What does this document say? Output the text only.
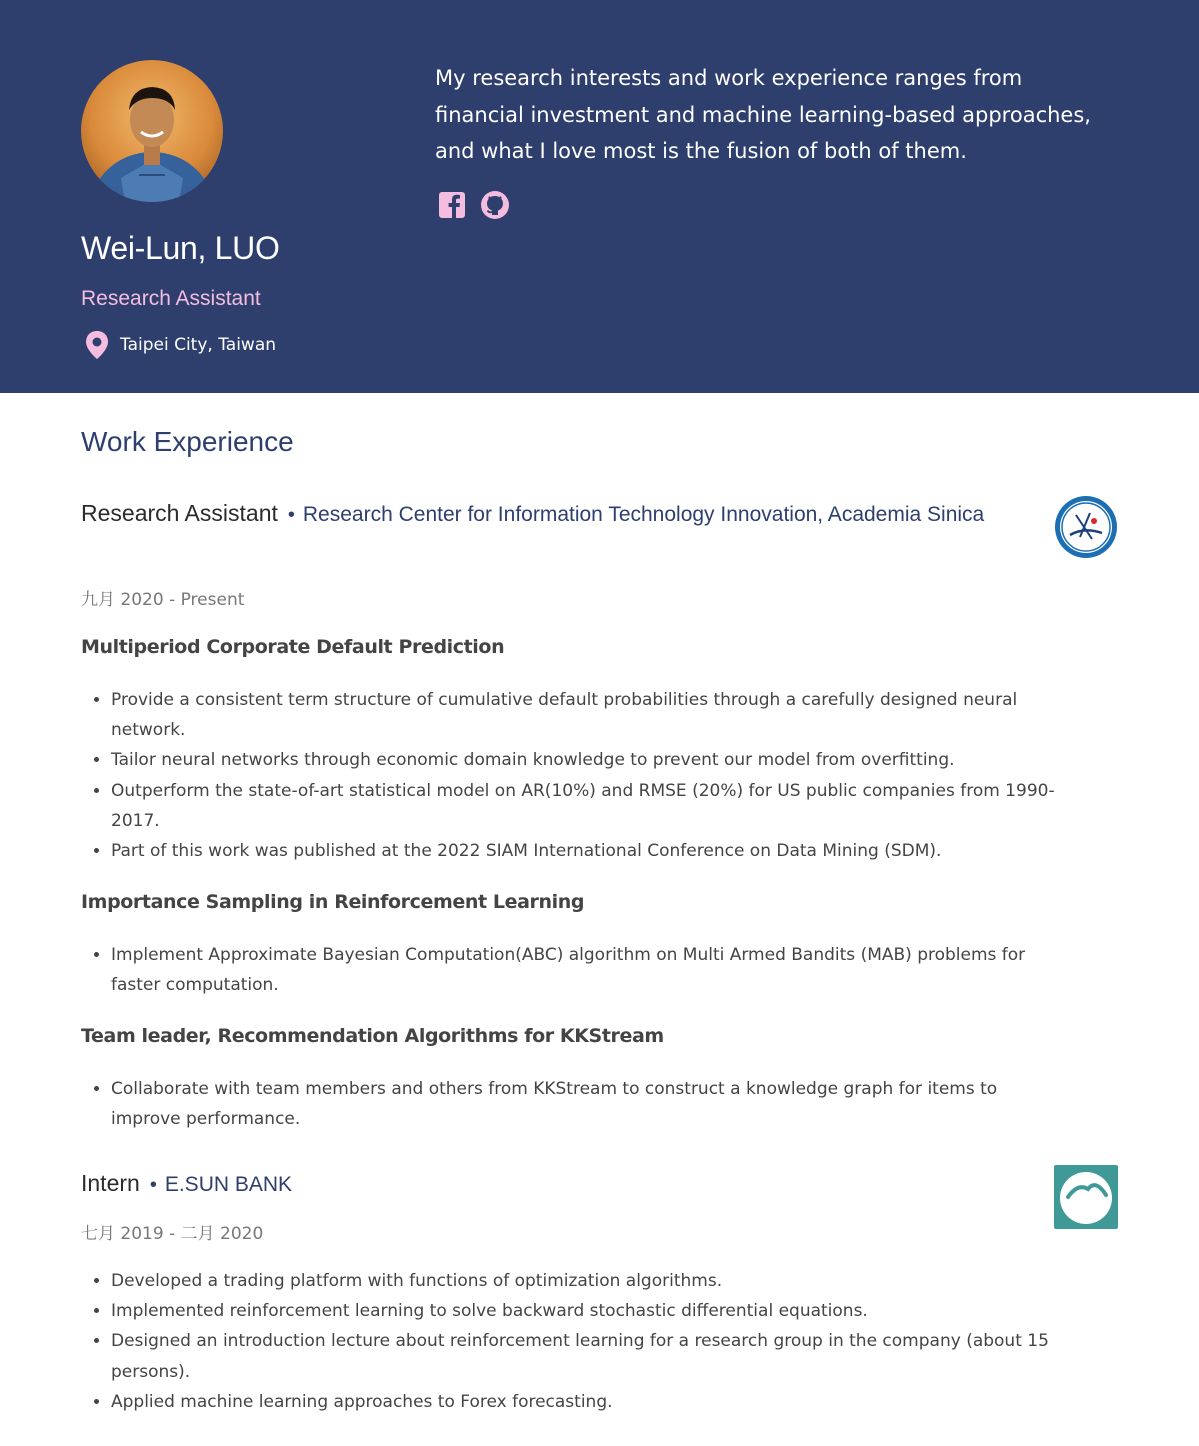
Wei-Lun, LUO
Research Assistant
Taipei City, Taiwan
My research interests and work experience ranges from financial investment and machine learning-based approaches, and what I love most is the fusion of both of them.
Work Experience
Research Assistant • Research Center for Information Technology Innovation, Academia Sinica
九月 2020 - Present
Multiperiod Corporate Default Prediction
• Provide a consistent term structure of cumulative default probabilities through a carefully designed neural network.
• Tailor neural networks through economic domain knowledge to prevent our model from overfitting.
• Outperform the state-of-art statistical model on AR(10%) and RMSE (20%) for US public companies from 1990-2017.
• Part of this work was published at the 2022 SIAM International Conference on Data Mining (SDM).
Importance Sampling in Reinforcement Learning
• Implement Approximate Bayesian Computation(ABC) algorithm on Multi Armed Bandits (MAB) problems for faster computation.
Team leader, Recommendation Algorithms for KKStream
• Collaborate with team members and others from KKStream to construct a knowledge graph for items to improve performance.
Intern • E.SUN BANK
七月 2019 - 二月 2020
• Developed a trading platform with functions of optimization algorithms.
• Implemented reinforcement learning to solve backward stochastic differential equations.
• Designed an introduction lecture about reinforcement learning for a research group in the company (about 15 persons).
• Applied machine learning approaches to Forex forecasting.
